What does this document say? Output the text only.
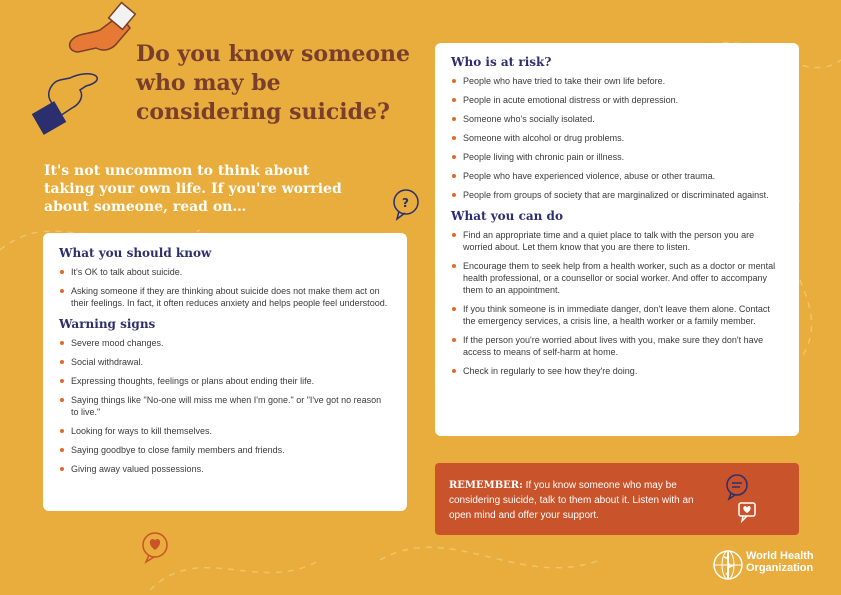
?
Do you know someone who may be considering suicide?

It's not uncommon to think about taking your own life. If you're worried about someone, read on…

What you should know
It's OK to talk about suicide.
Asking someone if they are thinking about suicide does not make them act on their feelings. In fact, it often reduces anxiety and helps people feel understood.
Warning signs
Severe mood changes.
Social withdrawal.
Expressing thoughts, feelings or plans about ending their life.
Saying things like "No-one will miss me when I'm gone." or "I've got no reason to live."
Looking for ways to kill themselves.
Saying goodbye to close family members and friends.
Giving away valued possessions.
Who is at risk?
People who have tried to take their own life before.
People in acute emotional distress or with depression.
Someone who's socially isolated.
Someone with alcohol or drug problems.
People living with chronic pain or illness.
People who have experienced violence, abuse or other trauma.
People from groups of society that are marginalized or discriminated against.
What you can do
Find an appropriate time and a quiet place to talk with the person you are worried about. Let them know that you are there to listen.
Encourage them to seek help from a health worker, such as a doctor or mental health professional, or a counsellor or social worker. And offer to accompany them to an appointment.
If you think someone is in immediate danger, don't leave them alone. Contact the emergency services, a crisis line, a health worker or a family member.
If the person you're worried about lives with you, make sure they don't have access to means of self-harm at home.
Check in regularly to see how they're doing.
REMEMBER: If you know someone who may be considering suicide, talk to them about it. Listen with an open mind and offer your support.
World Health
Organization
